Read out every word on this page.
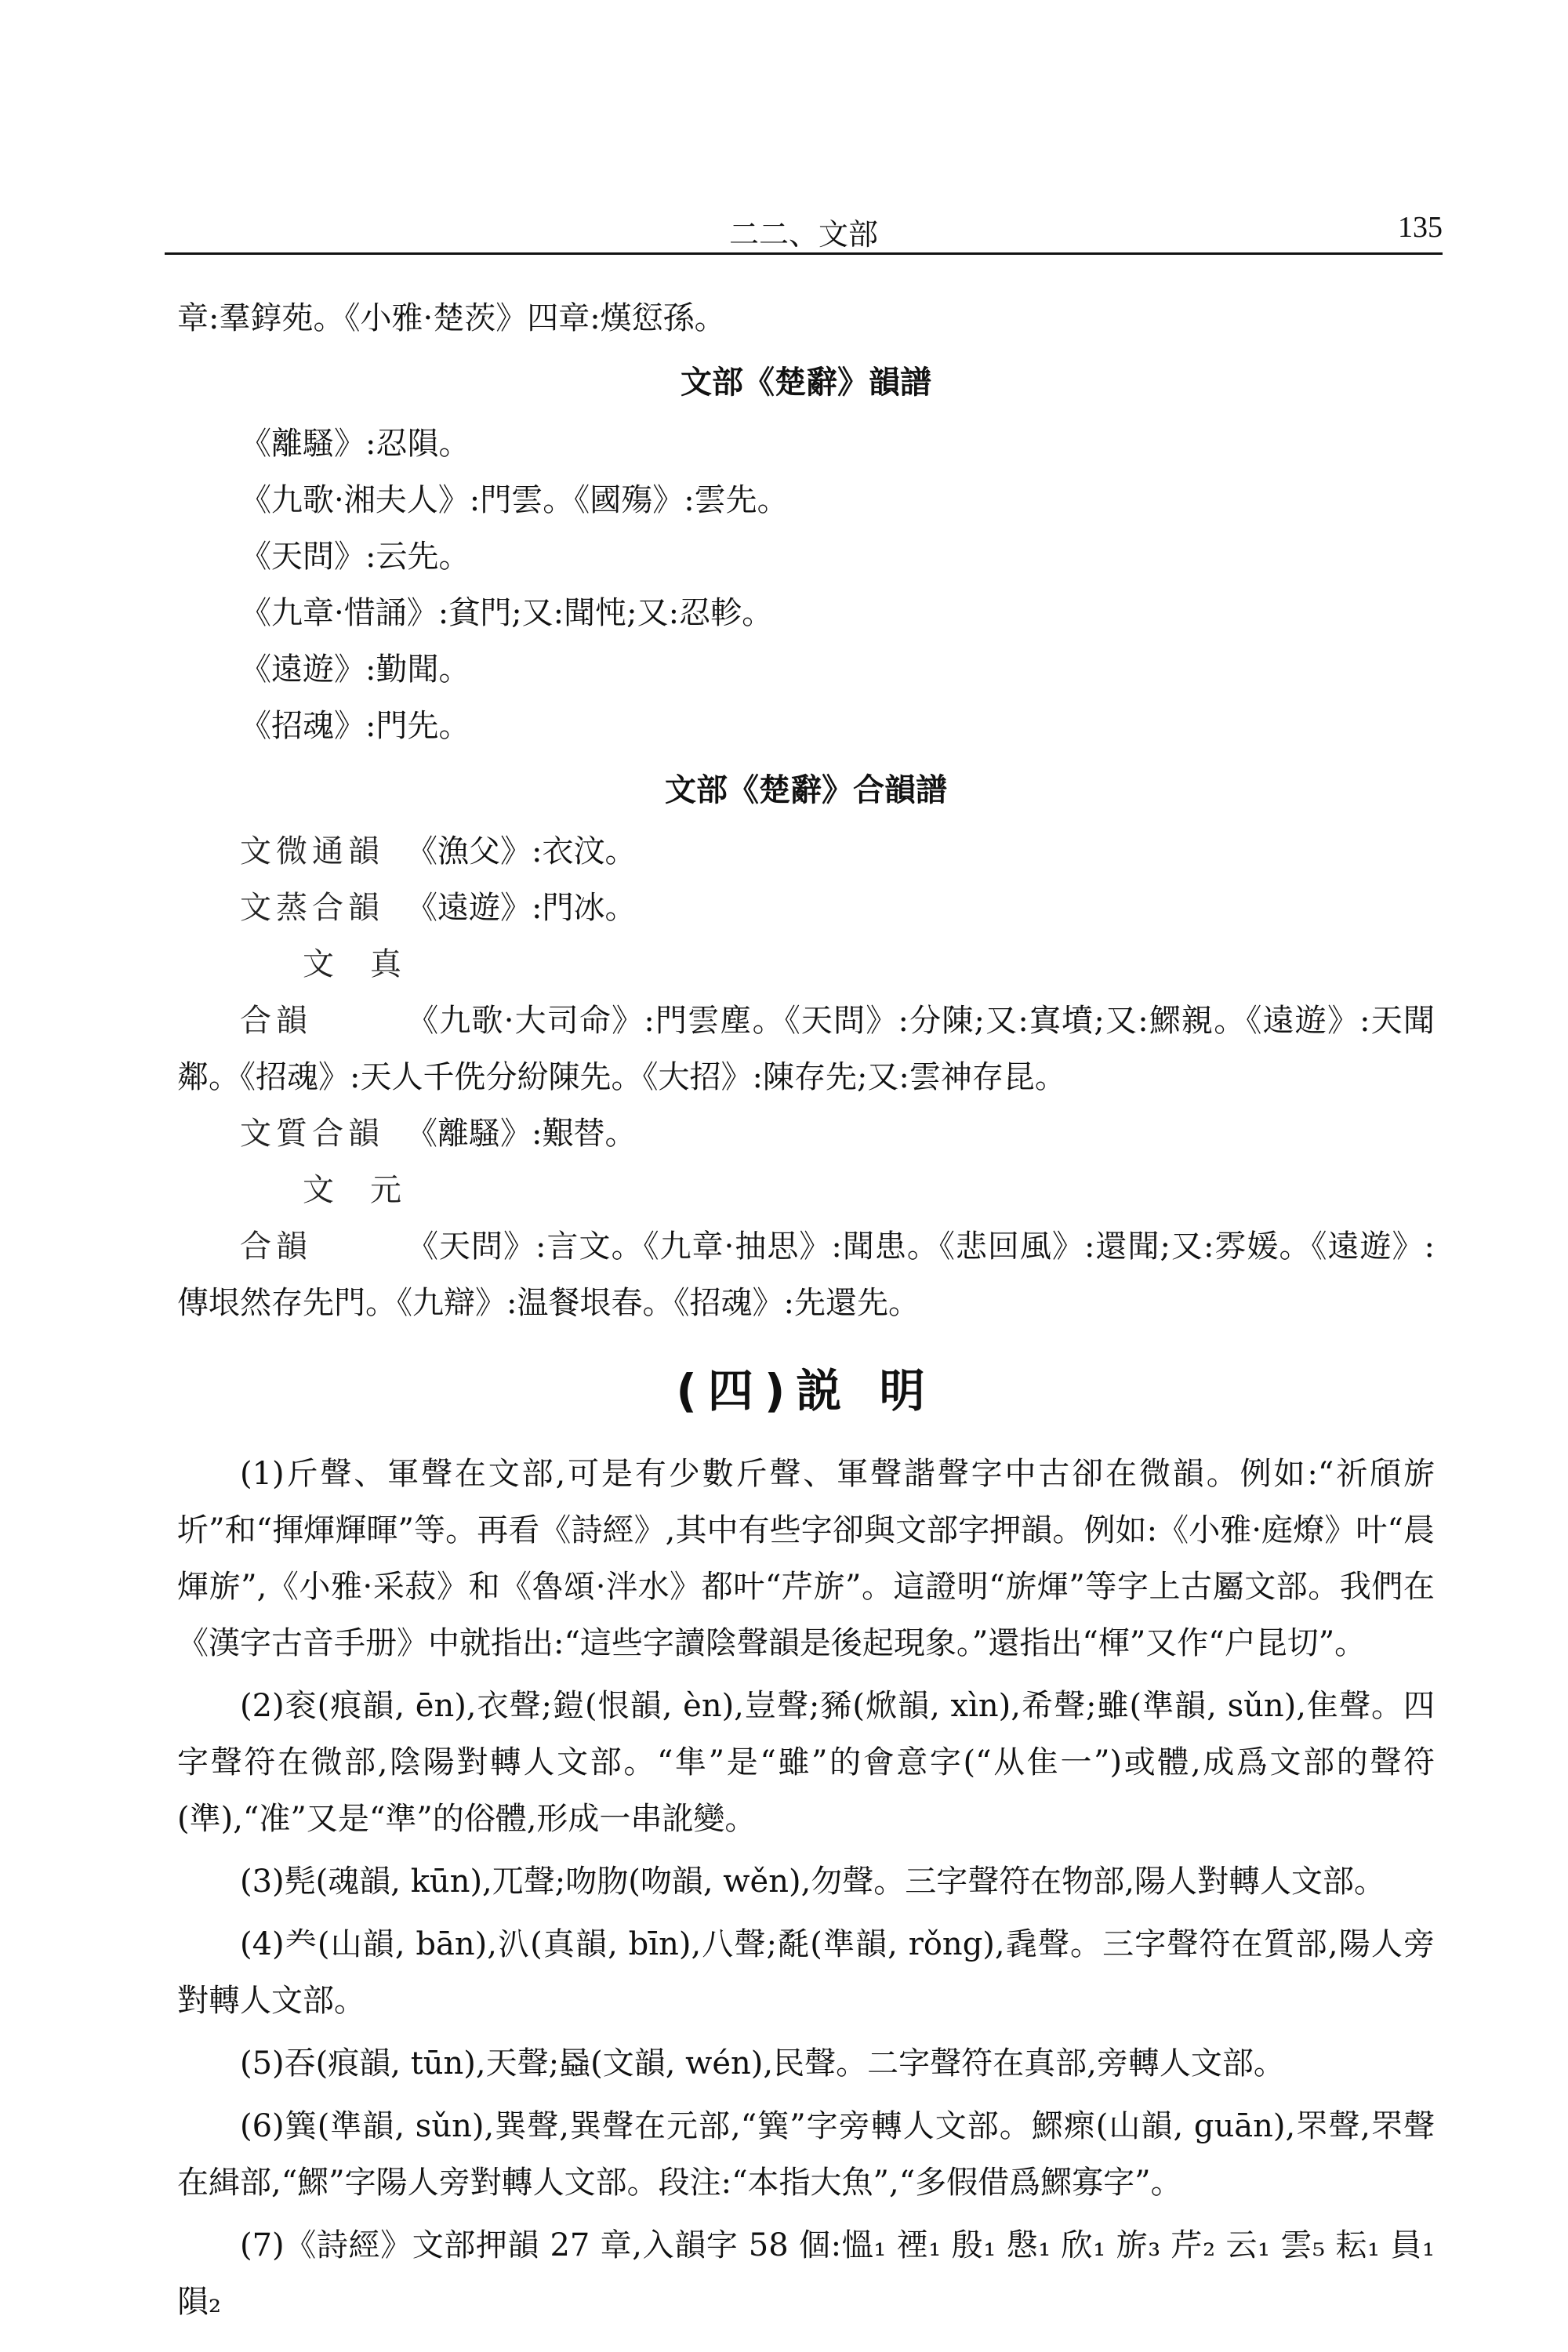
二二、文部	135

章:羣錞苑。《小雅·楚茨》四章:熯愆孫。

文部《楚辭》韻譜

《離騷》:忍隕。

《九歌·湘夫人》:門雲。《國殤》:雲先。

《天問》:云先。

《九章·惜誦》:貧門;又:聞忳;又:忍軫。

《遠遊》:勤聞。

《招魂》:門先。

文部《楚辭》合韻譜

文微通韻 《漁父》:衣汶。

文蒸合韻 《遠遊》:門冰。

文真合韻	《九歌·大司命》:門雲塵。《天問》:分陳;又:寘墳;又:鰥親。《遠遊》:天聞鄰。《招魂》:天人千侁分紛陳先。《大招》:陳存先;又:雲神存昆。

文質合韻 《離騷》:艱替。

文元合韻	《天問》:言文。《九章·抽思》:聞患。《悲回風》:還聞;又:雰媛。《遠遊》:傳垠然存先門。《九辯》:温餐垠春。《招魂》:先還先。

(四)説 明

(1)斤聲、軍聲在文部,可是有少數斤聲、軍聲諧聲字中古卻在微韻。例如:“祈頎旂圻”和“揮煇輝暉”等。再看《詩經》,其中有些字卻與文部字押韻。例如:《小雅·庭燎》叶“晨煇旂”,《小雅·采菽》和《魯頌·泮水》都叶“芹旂”。這證明“旂煇”等字上古屬文部。我們在《漢字古音手册》中就指出:“這些字讀陰聲韻是後起現象。”還指出“楎”又作“户昆切”。

(2)衮(痕韻, ēn),衣聲;鎧(恨韻, èn),豈聲;豨(焮韻, xìn),希聲;雖(準韻, sǔn),隹聲。四字聲符在微部,陰陽對轉人文部。“隼”是“雖”的會意字(“从隹一”)或體,成爲文部的聲符(準),“准”又是“準”的俗體,形成一串訛變。

(3)髡(魂韻, kūn),兀聲;吻肳(吻韻, wěn),勿聲。三字聲符在物部,陽人對轉人文部。

(4)龹(山韻, bān),汃(真韻, bīn),八聲;氄(準韻, rǒng),毳聲。三字聲符在質部,陽人旁對轉人文部。

(5)吞(痕韻, tūn),天聲;蟁(文韻, wén),民聲。二字聲符在真部,旁轉人文部。

(6)簨(準韻, sǔn),巽聲,巽聲在元部,“簨”字旁轉人文部。鰥瘝(山韻, guān),罘聲,罘聲在緝部,“鰥”字陽人旁對轉人文部。段注:“本指大魚”,“多假借爲鰥寡字”。

(7)《詩經》文部押韻 27 章,入韻字 58 個:慍₁ 禋₁ 殷₁ 慇₁ 欣₁ 旂₃ 芹₂ 云₁ 雲₅ 耘₁ 員₁ 隕₂
